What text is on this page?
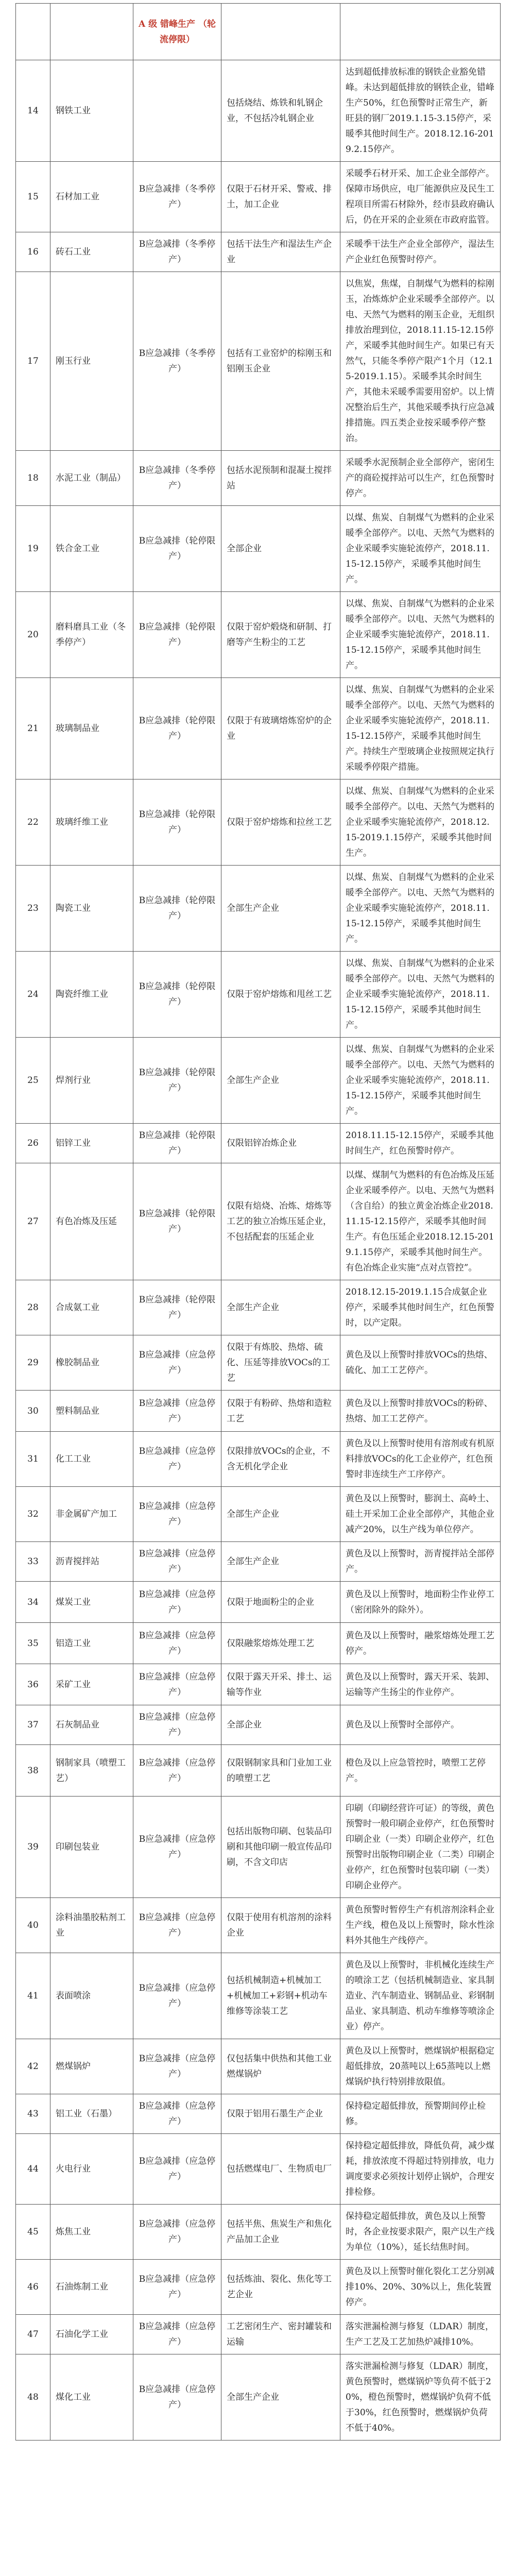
		A 级 错峰生产 （轮流停限）		
14	钢铁工业		包括烧结、炼铁和轧钢企业，不包括冷轧钢企业	达到超低排放标准的钢铁企业豁免错峰。未达到超低排放的钢铁企业，错峰生产50%，红色预警时正常生产，新旺县的钢厂2019.1.15-3.15停产，采暖季其他时间生产。2018.12.16-2019.2.15停产。
15	石材加工业	B应急减排（冬季停产）	仅限于石材开采、警戒、排土，加工企业	采暖季石材开采、加工企业全部停产。保障市场供应，电厂能源供应及民生工程项目所需石材除外，经市县政府确认后，仍在开采的企业须在市政府监管。
16	砖石工业	B应急减排（冬季停产）	包括干法生产和湿法生产企业	采暖季干法生产企业全部停产，湿法生产企业红色预警时停产。
17	刚玉行业	B应急减排（冬季停产）	包括有工业窑炉的棕刚玉和铝刚玉企业	以焦炭，焦煤，自制煤气为燃料的棕刚玉，冶炼炼炉企业采暖季全部停产。以电、天然气为燃料的刚玉企业，无组织排放治理到位，2018.11.15-12.15停产，采暖季其他时间生产。如果已有天然气，只能冬季停产限产1个月（12.15-2019.1.15）。采暖季其余时间生产，其他未采暖季需要用窑炉。以上情况整治后生产，其他采暖季执行应急减排措施。四五类企业按采暖季停产整治。
18	水泥工业（制品）	B应急减排（冬季停产）	包括水泥预制和混凝土搅拌站	采暖季水泥预制企业全部停产，密闭生产的商砼搅拌站可以生产，红色预警时停产。
19	铁合金工业	B应急减排（轮停限产）	全部企业	以煤、焦炭、自制煤气为燃料的企业采暖季全部停产。以电、天然气为燃料的企业采暖季实施轮流停产，2018.11.15-12.15停产，采暖季其他时间生产。
20	磨料磨具工业（冬季停产）	B应急减排（轮停限产）	仅限于窑炉煅烧和研制、打磨等产生粉尘的工艺	以煤、焦炭、自制煤气为燃料的企业采暖季全部停产。以电、天然气为燃料的企业采暖季实施轮流停产，2018.11.15-12.15停产，采暖季其他时间生产。
21	玻璃制品业	B应急减排（轮停限产）	仅限于有玻璃熔炼窑炉的企业	以煤、焦炭、自制煤气为燃料的企业采暖季全部停产。以电、天然气为燃料的企业采暖季实施轮流停产，2018.11.15-12.15停产，采暖季其他时间生产。持续生产型玻璃企业按照规定执行采暖季停限产措施。
22	玻璃纤维工业	B应急减排（轮停限产）	仅限于窑炉熔炼和拉丝工艺	以煤、焦炭、自制煤气为燃料的企业采暖季全部停产。以电、天然气为燃料的企业采暖季实施轮流停产，2018.12.15-2019.1.15停产，采暖季其他时间生产。
23	陶瓷工业	B应急减排（轮停限产）	全部生产企业	以煤、焦炭、自制煤气为燃料的企业采暖季全部停产。以电、天然气为燃料的企业采暖季实施轮流停产，2018.11.15-12.15停产，采暖季其他时间生产。
24	陶瓷纤维工业	B应急减排（轮停限产）	仅限于窑炉熔炼和甩丝工艺	以煤、焦炭、自制煤气为燃料的企业采暖季全部停产。以电、天然气为燃料的企业采暖季实施轮流停产，2018.11.15-12.15停产，采暖季其他时间生产。
25	焊剂行业	B应急减排（轮停限产）	全部生产企业	以煤、焦炭、自制煤气为燃料的企业采暖季全部停产。以电、天然气为燃料的企业采暖季实施轮流停产，2018.11.15-12.15停产，采暖季其他时间生产。
26	铝锌工业	B应急减排（轮停限产）	仅限铝锌冶炼企业	2018.11.15-12.15停产，采暖季其他时间生产，红色预警时停产。
27	有色冶炼及压延	B应急减排（轮停限产）	仅限有焙烧、冶炼、熔炼等工艺的独立冶炼压延企业，不包括配套的压延企业	以煤、煤制气为燃料的有色冶炼及压延企业采暖季停产。以电、天然气为燃料（含自给）的独立黄金冶炼企业2018.11.15-12.15停产，采暖季其他时间生产。有色压延企业2018.12.15-2019.1.15停产，采暖季其他时间生产。有色冶炼企业实施“点对点管控”。
28	合成氨工业	B应急减排（轮停限产）	全部生产企业	2018.12.15-2019.1.15合成氨企业停产，采暖季其他时间生产，红色预警时，以产定限。
29	橡胶制品业	B应急减排（应急停产）	仅限于有炼胶、热熔、硫化、压延等排放VOCs的工艺	黄色及以上预警时排放VOCs的热熔、硫化、加工工艺停产。
30	塑料制品业	B应急减排（应急停产）	仅限于有粉碎、热熔和造粒工艺	黄色及以上预警时排放VOCs的粉碎、热熔、加工工艺停产。
31	化工工业	B应急减排（应急停产）	仅限排放VOCs的企业，不含无机化学企业	黄色及以上预警时使用有溶剂或有机原料排放VOCs的化工企业停产，红色预警时非连续生产工序停产。
32	非金属矿产加工	B应急减排（应急停产）	全部生产企业	黄色及以上预警时，膨润土、高岭土、硅土开采加工企业全部停产，其他企业减产20%，以生产线为单位停产。
33	沥青搅拌站	B应急减排（应急停产）	全部生产企业	黄色及以上预警时，沥青搅拌站全部停产。
34	煤炭工业	B应急减排（应急停产）	仅限于地面粉尘的企业	黄色及以上预警时，地面粉尘作业停工（密闭除外的除外）。
35	铝造工业	B应急减排（应急停产）	仅限融浆熔炼处理工艺	黄色及以上预警时，融浆熔炼处理工艺停产。
36	采矿工业	B应急减排（应急停产）	仅限于露天开采、排土、运输等作业	黄色及以上预警时，露天开采、装卸、运输等产生扬尘的作业停产。
37	石灰制品业	B应急减排（应急停产）	全部企业	黄色及以上预警时全部停产。
38	钢制家具（喷塑工艺）	B应急减排（应急停产）	仅限钢制家具和门业加工业的喷塑工艺	橙色及以上应急管控时，喷塑工艺停产。
39	印刷包装业	B应急减排（应急停产）	包括出版物印刷、包装品印刷和其他印刷一般宣传品印刷，不含文印店	印刷（印刷经营许可证）的等级，黄色预警时一般印刷企业停产，红色预警时印刷企业（一类）印刷企业停产，红色预警时出版物印刷企业（二类）印刷企业停产，红色预警时包装印刷（一类）印刷企业停产。
40	涂料油墨胶粘剂工业	B应急减排（应急停产）	仅限于使用有机溶剂的涂料企业	黄色预警时暂停生产有机溶剂涂料企业生产线，橙色及以上预警时，除水性涂料外其他生产线停产。
41	表面喷涂	B应急减排（应急停产）	包括机械制造+机械加工+机械加工+彩钢+机动车维修等涂装工艺	黄色及以上预警时，非机械化连续生产的喷涂工艺（包括机械制造业、家具制造业、汽车制造业、钢制品业、彩钢制品业、家具制造、机动车维修等喷涂企业）停产。
42	燃煤锅炉	B应急减排（应急停产）	仅包括集中供热和其他工业燃煤锅炉	黄色及以上预警时，燃煤锅炉根据稳定超低排放，20蒸吨以上65蒸吨以上燃煤锅炉执行特别排放限值。
43	铝工业（石墨）	B应急减排（应急停产）	仅限于铝用石墨生产企业	保持稳定超低排放，预警期间停止检修。
44	火电行业	B应急减排（应急停产）	包括燃煤电厂、生物质电厂	保持稳定超低排放，降低负荷，减少煤耗，排放浓度不得超过特别排放，电力调度要求必须按计划停止锅炉，合理安排检修。
45	炼焦工业	B应急减排（应急停产）	包括半焦、焦炭生产和焦化产品加工企业	保持稳定超低排放，黄色及以上预警时，各企业按要求限产，限产以生产线为单位（10%），延长结焦时间。
46	石油炼制工业	B应急减排（应急停产）	包括炼油、裂化、焦化等工艺企业	黄色及以上预警时催化裂化工艺分别减排10%、20%、30%以上，焦化装置停产。
47	石油化学工业	B应急减排（应急停产）	工艺密闭生产、密封罐装和运输	落实泄漏检测与修复（LDAR）制度，生产工艺及工艺加热炉减排10%。
48	煤化工业	B应急减排（应急停产）	全部生产企业	落实泄漏检测与修复（LDAR）制度，黄色预警时，燃煤锅炉等负荷不低于20%，橙色预警时，燃煤锅炉负荷不低于30%，红色预警时，燃煤锅炉负荷不低于40%。
